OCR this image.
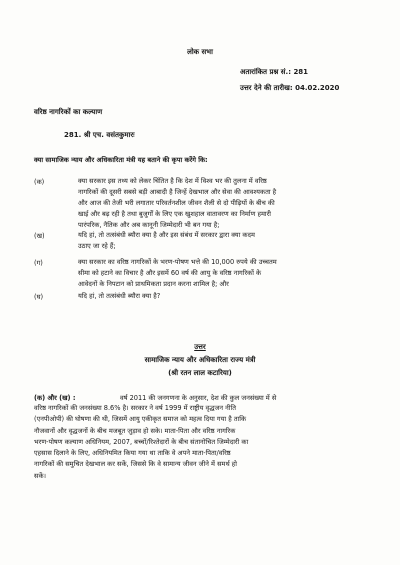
लोक सभा
अतारांकित प्रश्न सं.: 281
उत्तर देने की तारीख: 04.02.2020
वरिष्ठ नागरिकों का कल्याण
281. श्री एच. वसंतकुमारः
क्या सामाजिक न्याय और अधिकारिता मंत्री यह बताने की कृपा करेंगे कि:
(क)	क्या सरकार इस तथ्य को लेकर चिंतित है कि देश में विश्व भर की तुलना में वरिष्ठ
नागरिकों की दूसरी सबसे बड़ी आबादी है जिन्हें देखभाल और सेवा की आवश्यकता है
और आज की तेजी भरी लगातार परिवर्तनशील जीवन शैली से दो पीढ़ियों के बीच की
खाई और बढ़ रही है तथा बुजुर्गों के लिए एक खुशहाल वातावरण का निर्माण हमारी
पारंपरिक, नैतिक और अब कानूनी जिम्मेदारी भी बन गया है;
(ख)	यदि हां, तो तत्संबंधी ब्यौरा क्या है और इस संबंध में सरकार द्वारा क्या कदम
उठाए जा रहे हैं;
(ग)	क्या सरकार का वरिष्ठ नागरिकों के भरण-पोषण भत्ते की 10,000 रुपये की उच्चतम
सीमा को हटाने का विचार है और इसमें 60 वर्ष की आयु के वरिष्ठ नागरिकों के
आवेदनों के निपटान को प्राथमिकता प्रदान करना शामिल है; और
(घ)	यदि हां, तो तत्संबंधी ब्यौरा क्या है?
उत्तर
सामाजिक न्याय और अधिकारिता राज्य मंत्री
(श्री रतन लाल कटारिया)
(क) और (ख) :	वर्ष 2011 की जनगणना के अनुसार, देश की कुल जनसंख्या में से
वरिष्ठ नागरिकों की जनसंख्या 8.6% है। सरकार ने वर्ष 1999 में राष्ट्रीय वृद्धजन नीति
(एनपीओपी) की घोषणा की थी, जिसमें आयु एकीकृत समाज को महत्व दिया गया है ताकि
नौजवानों और वृद्धजनों के बीच मजबूत जुड़ाव हो सके। माता-पिता और वरिष्ठ नागरिक
भरण-पोषण कल्याण अधिनियम, 2007, बच्चों/रिश्तेदारों के बीच संतानोचित जिम्मेदारी का
एहसास दिलाने के लिए, अधिनियमित किया गया था ताकि वे अपने माता-पिता/वरिष्ठ
नागरिकों की समुचित देखभाल कर सकें, जिससे कि वे सामान्य जीवन जीने में समर्थ हो
सकें।
